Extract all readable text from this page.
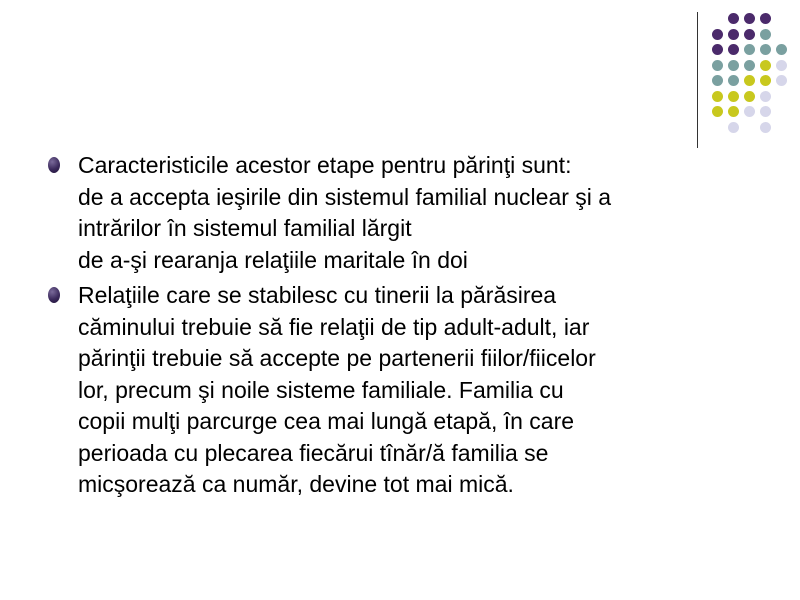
Caracteristicile acestor etape pentru părinţi sunt:
de a accepta ieşirile din sistemul familial nuclear şi a
intrărilor în sistemul familial lărgit
de a-şi rearanja relaţiile maritale în doi
Relaţiile care se stabilesc cu tinerii la părăsirea
căminului trebuie să fie relaţii de tip adult-adult, iar
părinţii trebuie să accepte pe partenerii fiilor/fiicelor
lor, precum şi noile sisteme familiale. Familia cu
copii mulţi parcurge cea mai lungă etapă, în care
perioada cu plecarea fiecărui tînăr/ă familia se
micşorează ca număr, devine tot mai mică.
